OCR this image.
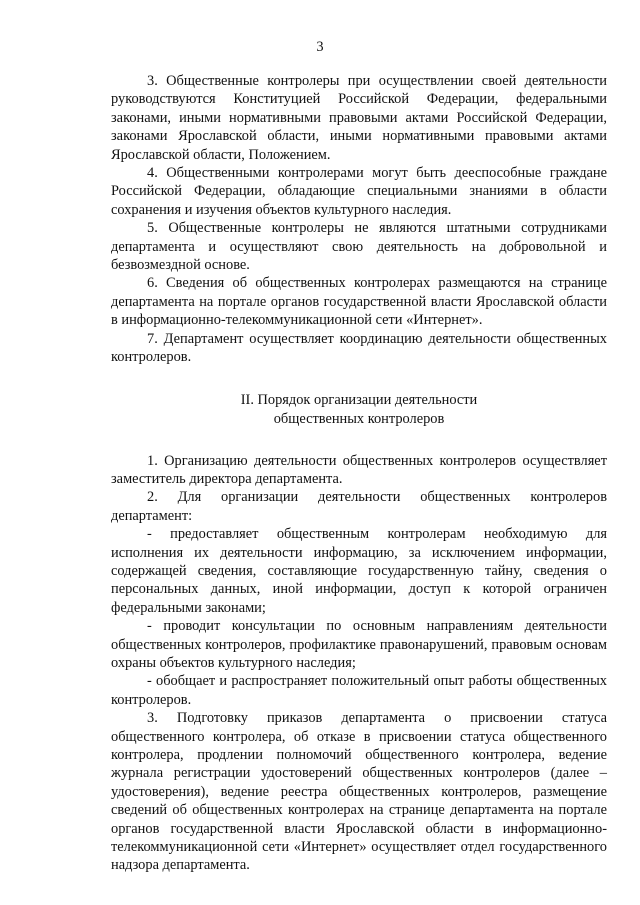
3

3. Общественные контролеры при осуществлении своей деятельности руководствуются Конституцией Российской Федерации, федеральными законами, иными нормативными правовыми актами Российской Федерации, законами Ярославской области, иными нормативными правовыми актами Ярославской области, Положением.

4. Общественными контролерами могут быть дееспособные граждане Российской Федерации, обладающие специальными знаниями в области сохранения и изучения объектов культурного наследия.

5. Общественные контролеры не являются штатными сотрудниками департамента и осуществляют свою деятельность на добровольной и безвозмездной основе.

6. Сведения об общественных контролерах размещаются на странице департамента на портале органов государственной власти Ярославской области в информационно-телекоммуникационной сети «Интернет».

7. Департамент осуществляет координацию деятельности общественных контролеров.

II. Порядок организации деятельности
общественных контролеров

1. Организацию деятельности общественных контролеров осуществляет заместитель директора департамента.

2. Для организации деятельности общественных контролеров департамент:

- предоставляет общественным контролерам необходимую для исполнения их деятельности информацию, за исключением информации, содержащей сведения, составляющие государственную тайну, сведения о персональных данных, иной информации, доступ к которой ограничен федеральными законами;

- проводит консультации по основным направлениям деятельности общественных контролеров, профилактике правонарушений, правовым основам охраны объектов культурного наследия;

- обобщает и распространяет положительный опыт работы общественных контролеров.

3. Подготовку приказов департамента о присвоении статуса общественного контролера, об отказе в присвоении статуса общественного контролера, продлении полномочий общественного контролера, ведение журнала регистрации удостоверений общественных контролеров (далее – удостоверения), ведение реестра общественных контролеров, размещение сведений об общественных контролерах на странице департамента на портале органов государственной власти Ярославской области в информационно-телекоммуникационной сети «Интернет» осуществляет отдел государственного надзора департамента.
